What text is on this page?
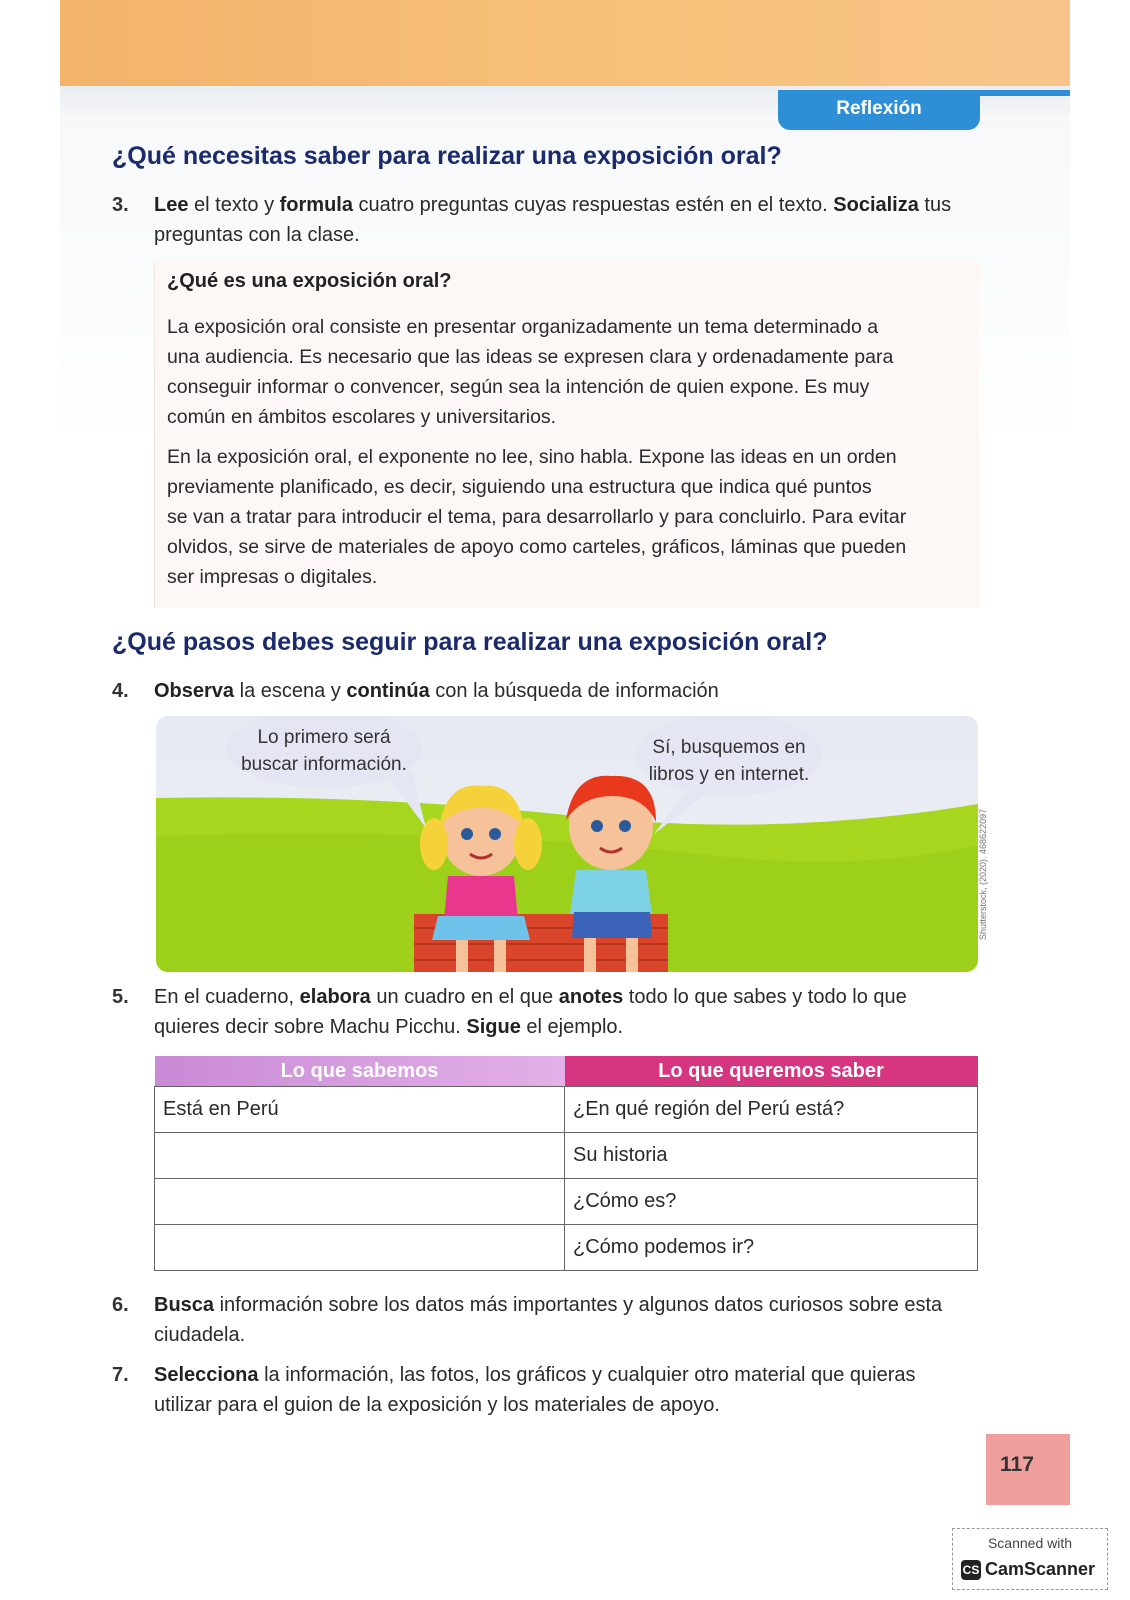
Reflexión
¿Qué necesitas saber para realizar una exposición oral?
3. Lee el texto y formula cuatro preguntas cuyas respuestas estén en el texto. Socializa tus
preguntas con la clase.
¿Qué es una exposición oral?

La exposición oral consiste en presentar organizadamente un tema determinado a
una audiencia. Es necesario que las ideas se expresen clara y ordenadamente para
conseguir informar o convencer, según sea la intención de quien expone. Es muy
común en ámbitos escolares y universitarios.

En la exposición oral, el exponente no lee, sino habla. Expone las ideas en un orden
previamente planificado, es decir, siguiendo una estructura que indica qué puntos
se van a tratar para introducir el tema, para desarrollarlo y para concluirlo. Para evitar
olvidos, se sirve de materiales de apoyo como carteles, gráficos, láminas que pueden
ser impresas o digitales.

¿Qué pasos debes seguir para realizar una exposición oral?
4. Observa la escena y continúa con la búsqueda de información
Lo primero será
buscar información.
Sí, busquemos en
libros y en internet.
Shutterstock, (2020). 468622097
5. En el cuaderno, elabora un cuadro en el que anotes todo lo que sabes y todo lo que
quieres decir sobre Machu Picchu. Sigue el ejemplo.
Lo que sabemos	Lo que queremos saber
Está en Perú	¿En qué región del Perú está?
	Su historia
	¿Cómo es?
	¿Cómo podemos ir?
6. Busca información sobre los datos más importantes y algunos datos curiosos sobre esta
ciudadela.
7. Selecciona la información, las fotos, los gráficos y cualquier otro material que quieras
utilizar para el guion de la exposición y los materiales de apoyo.
117
Scanned with
CS CamScanner
